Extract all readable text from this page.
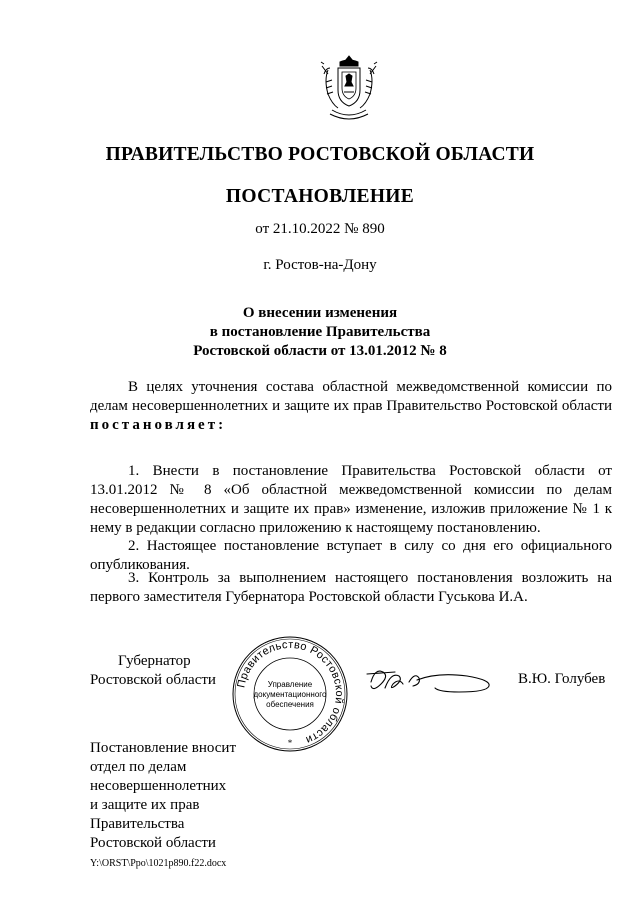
ПРАВИТЕЛЬСТВО РОСТОВСКОЙ ОБЛАСТИ
ПОСТАНОВЛЕНИЕ
от 21.10.2022 № 890
г. Ростов-на-Дону
О внесении изменения
в постановление Правительства
Ростовской области от 13.01.2012 № 8
В целях уточнения состава областной межведомственной комиссии по делам несовершеннолетних и защите их прав Правительство Ростовской области постановляет:
1. Внести в постановление Правительства Ростовской области от 13.01.2012 № 8 «Об областной межведомственной комиссии по делам несовершеннолетних и защите их прав» изменение, изложив приложение № 1 к нему в редакции согласно приложению к настоящему постановлению.
2. Настоящее постановление вступает в силу со дня его официального опубликования.
3. Контроль за выполнением настоящего постановления возложить на первого заместителя Губернатора Ростовской области Гуськова И.А.
Губернатор
Ростовской области Правительство Ростовской области
Управление
документационного
обеспечения
*
В.Ю. Голубев
Постановление вносит
отдел по делам
несовершеннолетних
и защите их прав
Правительства
Ростовской области
Y:\ORST\Ppo\1021p890.f22.docx
